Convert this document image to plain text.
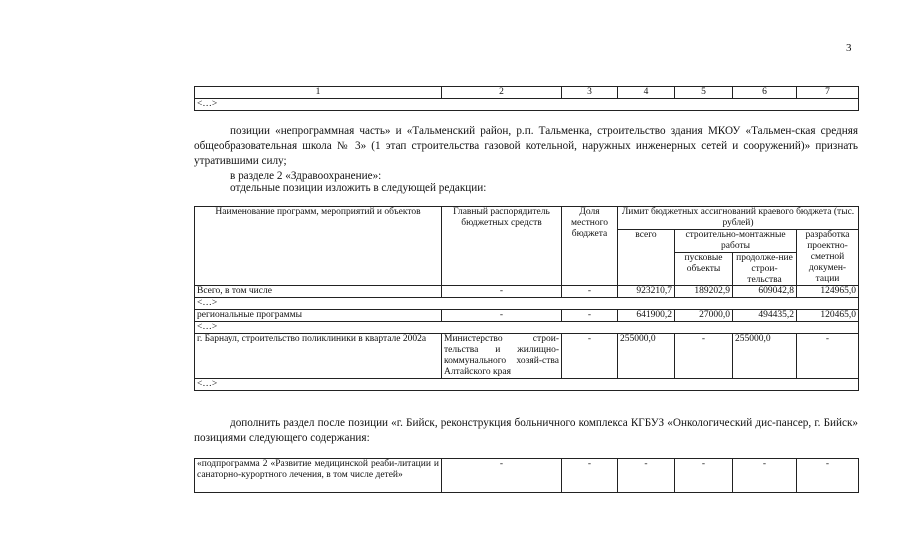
3
1	2	3	4	5	6	7
<…>
позиции «непрограммная часть» и «Тальменский район, р.п. Тальменка, строительство здания МКОУ «Тальмен-ская средняя общеобразовательная школа № 3» (1 этап строительства газовой котельной, наружных инженерных сетей и сооружений)» признать утратившими силу;
в разделе 2 «Здравоохранение»:
отдельные позиции изложить в следующей редакции:
Наименование программ, мероприятий и объектов	Главный распорядитель бюджетных средств	Доля местного бюджета	Лимит бюджетных ассигнований краевого бюджета (тыс. рублей)			
			всего	строительно-монтажные работы		разработка проектно-сметной докумен-тации
				пусковые объекты	продолже-ние строи-тельства	
Всего, в том числе	-	-	923210,7	189202,9	609042,8	124965,0
<…>						
региональные программы	-	-	641900,2	27000,0	494435,2	120465,0
<…>						
г. Барнаул, строительство поликлиники в квартале 2002а	Министерство строи-тельства и жилищно-коммунального хозяй-ства Алтайского края	-	255000,0	-	255000,0	-
<…>						
дополнить раздел после позиции «г. Бийск, реконструкция больничного комплекса КГБУЗ «Онкологический дис-пансер, г. Бийск» позициями следующего содержания:
«подпрограмма 2 «Развитие медицинской реаби-литации и санаторно-курортного лечения, в том числе детей»	-	-	-	-	-	-
